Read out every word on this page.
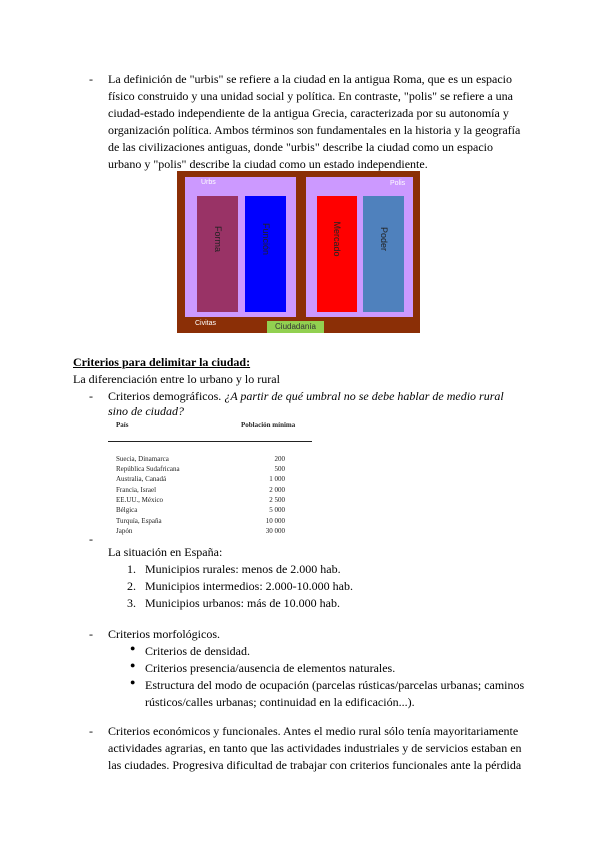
- La definición de "urbis" se refiere a la ciudad en la antigua Roma, que es un espacio
físico construido y una unidad social y política. En contraste, "polis" se refiere a una
ciudad-estado independiente de la antigua Grecia, caracterizada por su autonomía y
organización política. Ambos términos son fundamentales en la historia y la geografía
de las civilizaciones antiguas, donde "urbis" describe la ciudad como un espacio
urbano y "polis" describe la ciudad como un estado independiente.
Urbs	Polis
Forma	Función	Mercado	Poder
Civitas	Ciudadanía
Criterios para delimitar la ciudad:
La diferenciación entre lo urbano y lo rural
- Criterios demográficos. ¿A partir de qué umbral no se debe hablar de medio rural
sino de ciudad?
País	Población mínima
Suecia, Dinamarca	200
República Sudafricana	500
Australia, Canadá	1 000
Francia, Israel	2 000
EE.UU., México	2 500
Bélgica	5 000
Turquía, España	10 000
Japón	30 000
-
La situación en España:
1. Municipios rurales: menos de 2.000 hab.
2. Municipios intermedios: 2.000-10.000 hab.
3. Municipios urbanos: más de 10.000 hab.
- Criterios morfológicos.
● Criterios de densidad.
● Criterios presencia/ausencia de elementos naturales.
● Estructura del modo de ocupación (parcelas rústicas/parcelas urbanas; caminos
rústicos/calles urbanas; continuidad en la edificación...).
- Criterios económicos y funcionales. Antes el medio rural sólo tenía mayoritariamente
actividades agrarias, en tanto que las actividades industriales y de servicios estaban en
las ciudades. Progresiva dificultad de trabajar con criterios funcionales ante la pérdida
